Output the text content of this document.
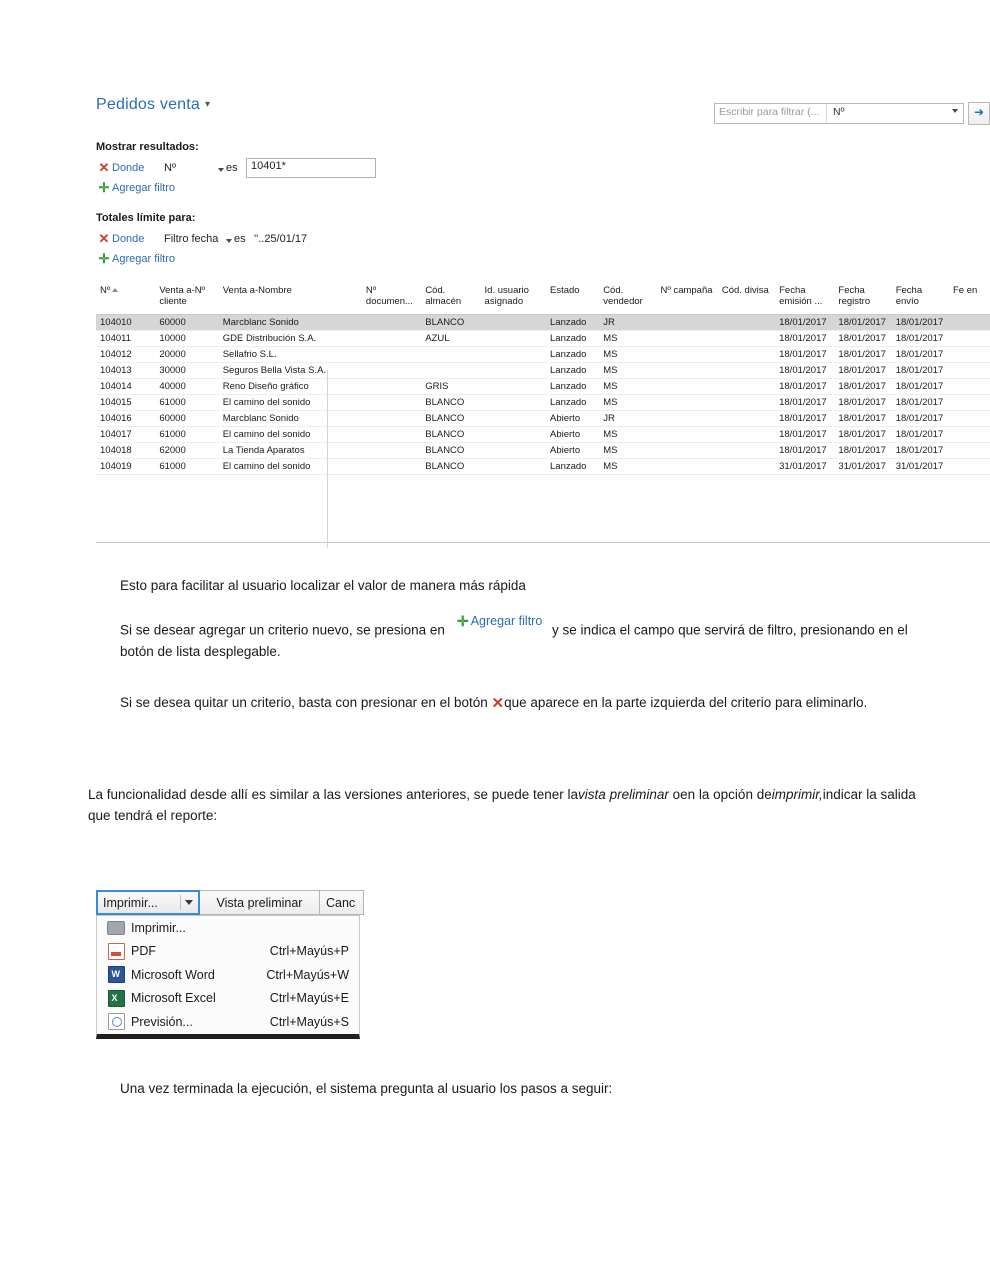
Pedidos venta ▾
Escribir para filtrar (...	Nº	➜
Mostrar resultados:
✕ Donde	Nº	es	10401*
✛ Agregar filtro
Totales límite para:
✕ Donde	Filtro fecha	es ''..25/01/17
✛ Agregar filtro
Nº	Venta a-Nº cliente	Venta a-Nombre	Nº documen...	Cód. almacén	Id. usuario asignado	Estado	Cód. vendedor	Nº campaña	Cód. divisa	Fecha emisión ...	Fecha registro	Fecha envío	Fe en
104010	60000	Marcblanc Sonido		BLANCO		Lanzado	JR			18/01/2017	18/01/2017	18/01/2017	
104011	10000	GDE Distribución S.A.		AZUL		Lanzado	MS			18/01/2017	18/01/2017	18/01/2017	
104012	20000	Sellafrio S.L.				Lanzado	MS			18/01/2017	18/01/2017	18/01/2017	
104013	30000	Seguros Bella Vista S.A.				Lanzado	MS			18/01/2017	18/01/2017	18/01/2017	
104014	40000	Reno Diseño gráfico		GRIS		Lanzado	MS			18/01/2017	18/01/2017	18/01/2017	
104015	61000	El camino del sonido		BLANCO		Lanzado	MS			18/01/2017	18/01/2017	18/01/2017	
104016	60000	Marcblanc Sonido		BLANCO		Abierto	JR			18/01/2017	18/01/2017	18/01/2017	
104017	61000	El camino del sonido		BLANCO		Abierto	MS			18/01/2017	18/01/2017	18/01/2017	
104018	62000	La Tienda Aparatos		BLANCO		Abierto	MS			18/01/2017	18/01/2017	18/01/2017	
104019	61000	El camino del sonido		BLANCO		Lanzado	MS			31/01/2017	31/01/2017	31/01/2017	

Esto para facilitar al usuario localizar el valor de manera más rápida
Si se desear agregar un criterio nuevo, se presiona en
✛ Agregar filtro
y se indica el campo que servirá de filtro, presionando en el botón de lista desplegable.
Si se desea quitar un criterio, basta con presionar en el botón ✕que aparece en la parte izquierda del criterio para eliminarlo.
La funcionalidad desde allí es similar a las versiones anteriores, se puede tener lavista preliminar oen la opción deimprimir,indicar la salida que tendrá el reporte:
Imprimir...	Vista preliminar	Canc
Imprimir...
PDF	Ctrl+Mayús+P
W
Microsoft Word	Ctrl+Mayús+W
X
Microsoft Excel	Ctrl+Mayús+E
Previsión...	Ctrl+Mayús+S
Una vez terminada la ejecución, el sistema pregunta al usuario los pasos a seguir:
